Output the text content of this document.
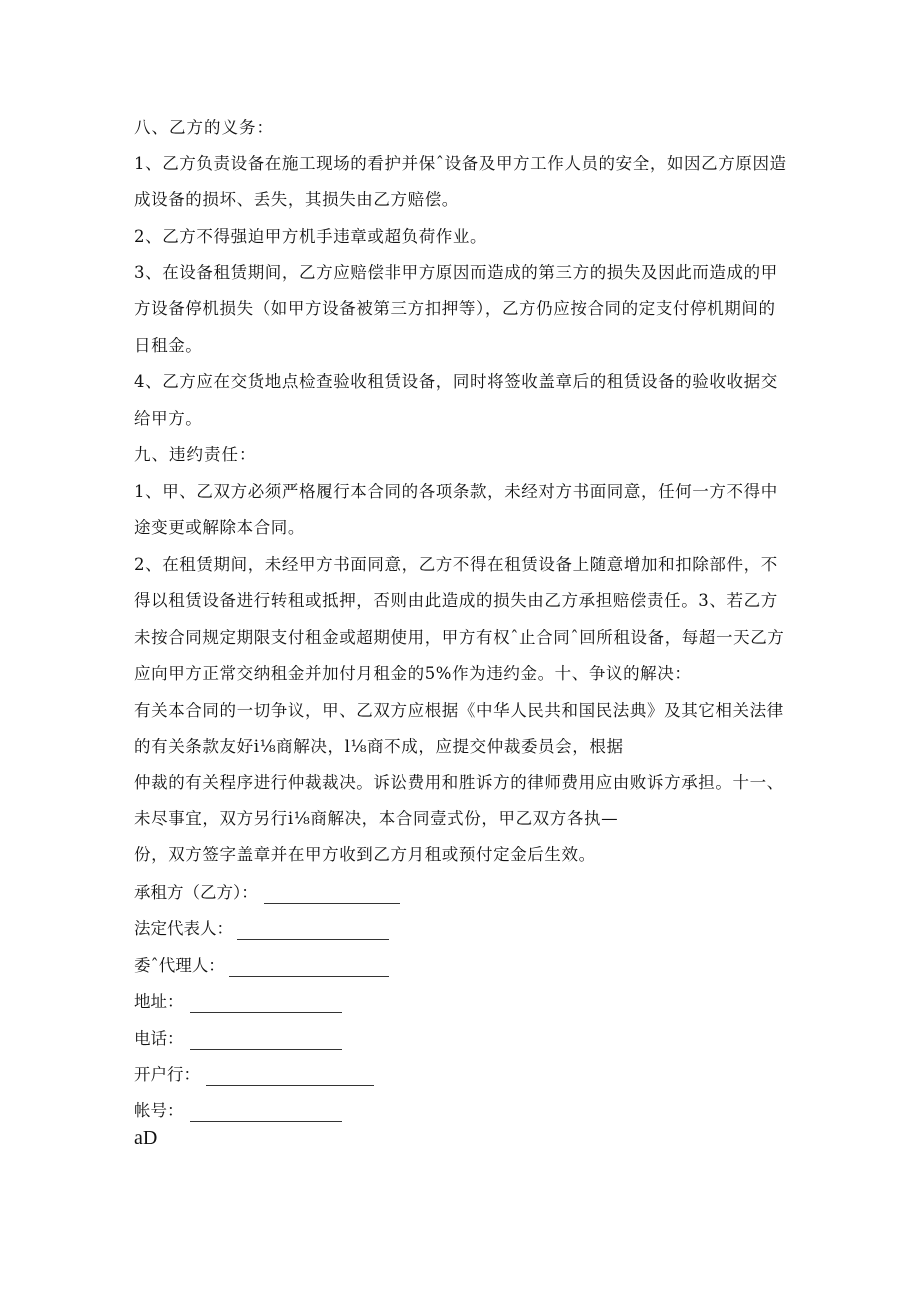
八、乙方的义务：
1、乙方负责设备在施工现场的看护并保ˆ设备及甲方工作人员的安全，如因乙方原因造
成设备的损坏、丢失，其损失由乙方赔偿。
2、乙方不得强迫甲方机手违章或超负荷作业。
3、在设备租赁期间，乙方应赔偿非甲方原因而造成的第三方的损失及因此而造成的甲
方设备停机损失（如甲方设备被第三方扣押等），乙方仍应按合同的定支付停机期间的
日租金。
4、乙方应在交货地点检查验收租赁设备，同时将签收盖章后的租赁设备的验收收据交
给甲方。
九、违约责任：
1、甲、乙双方必须严格履行本合同的各项条款，未经对方书面同意，任何一方不得中
途变更或解除本合同。
2、在租赁期间，未经甲方书面同意，乙方不得在租赁设备上随意增加和扣除部件，不
得以租赁设备进行转租或抵押，否则由此造成的损失由乙方承担赔偿责任。3、若乙方
未按合同规定期限支付租金或超期使用，甲方有权ˆ止合同ˆ回所租设备，每超一天乙方
应向甲方正常交纳租金并加付月租金的5%作为违约金。十、争议的解决：
有关本合同的一切争议，甲、乙双方应根据《中华人民共和国民法典》及其它相关法律
的有关条款友好i⅛商解决，l⅛商不成，应提交仲裁委员会，根据
仲裁的有关程序进行仲裁裁决。诉讼费用和胜诉方的律师费用应由败诉方承担。十一、
未尽事宜，双方另行i⅛商解决，本合同壹式份，甲乙双方各执—
份，双方签字盖章并在甲方收到乙方月租或预付定金后生效。
承租方（乙方）：
法定代表人：
委ˆ代理人：
地址：
电话：
开户行：
帐号：
aD
